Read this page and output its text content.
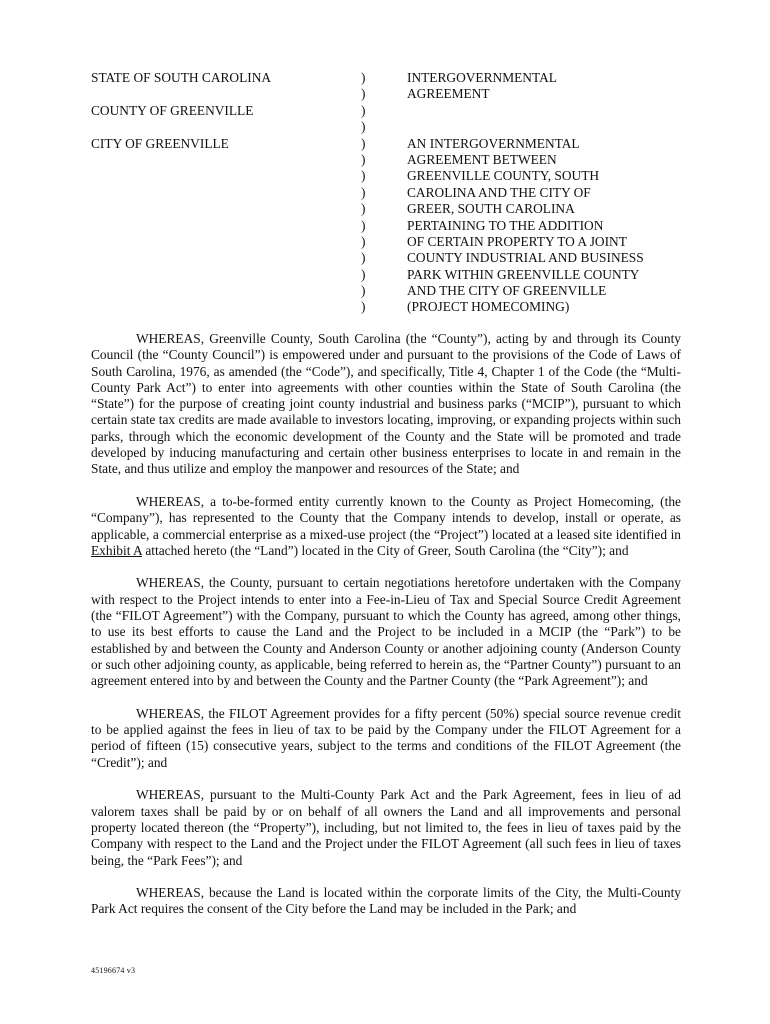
STATE OF SOUTH CAROLINA
COUNTY OF GREENVILLE
CITY OF GREENVILLE
)
)
)
)
)
)
)
)
)
)
)
)
)
)
)
INTERGOVERNMENTAL
AGREEMENT
AN INTERGOVERNMENTAL
AGREEMENT BETWEEN
GREENVILLE COUNTY, SOUTH
CAROLINA AND THE CITY OF
GREER, SOUTH CAROLINA
PERTAINING TO THE ADDITION
OF CERTAIN PROPERTY TO A JOINT
COUNTY INDUSTRIAL AND BUSINESS
PARK WITHIN GREENVILLE COUNTY
AND THE CITY OF GREENVILLE
(PROJECT HOMECOMING)

WHEREAS, Greenville County, South Carolina (the “County”), acting by and through its County Council (the “County Council”) is empowered under and pursuant to the provisions of the Code of Laws of South Carolina, 1976, as amended (the “Code”), and specifically, Title 4, Chapter 1 of the Code (the “Multi-County Park Act”) to enter into agreements with other counties within the State of South Carolina (the “State”) for the purpose of creating joint county industrial and business parks (“MCIP”), pursuant to which certain state tax credits are made available to investors locating, improving, or expanding projects within such parks, through which the economic development of the County and the State will be promoted and trade developed by inducing manufacturing and certain other business enterprises to locate in and remain in the State, and thus utilize and employ the manpower and resources of the State; and

WHEREAS, a to-be-formed entity currently known to the County as Project Homecoming, (the “Company”), has represented to the County that the Company intends to develop, install or operate, as applicable, a commercial enterprise as a mixed-use project (the “Project”) located at a leased site identified in Exhibit A attached hereto (the “Land”) located in the City of Greer, South Carolina (the “City”); and

WHEREAS, the County, pursuant to certain negotiations heretofore undertaken with the Company with respect to the Project intends to enter into a Fee-in-Lieu of Tax and Special Source Credit Agreement (the “FILOT Agreement”) with the Company, pursuant to which the County has agreed, among other things, to use its best efforts to cause the Land and the Project to be included in a MCIP (the “Park”) to be established by and between the County and Anderson County or another adjoining county (Anderson County or such other adjoining county, as applicable, being referred to herein as, the “Partner County”) pursuant to an agreement entered into by and between the County and the Partner County (the “Park Agreement”); and

WHEREAS, the FILOT Agreement provides for a fifty percent (50%) special source revenue credit to be applied against the fees in lieu of tax to be paid by the Company under the FILOT Agreement for a period of fifteen (15) consecutive years, subject to the terms and conditions of the FILOT Agreement (the “Credit”); and

WHEREAS, pursuant to the Multi-County Park Act and the Park Agreement, fees in lieu of ad valorem taxes shall be paid by or on behalf of all owners the Land and all improvements and personal property located thereon (the “Property”), including, but not limited to, the fees in lieu of taxes paid by the Company with respect to the Land and the Project under the FILOT Agreement (all such fees in lieu of taxes being, the “Park Fees”); and

WHEREAS, because the Land is located within the corporate limits of the City, the Multi-County Park Act requires the consent of the City before the Land may be included in the Park; and

45196674 v3
